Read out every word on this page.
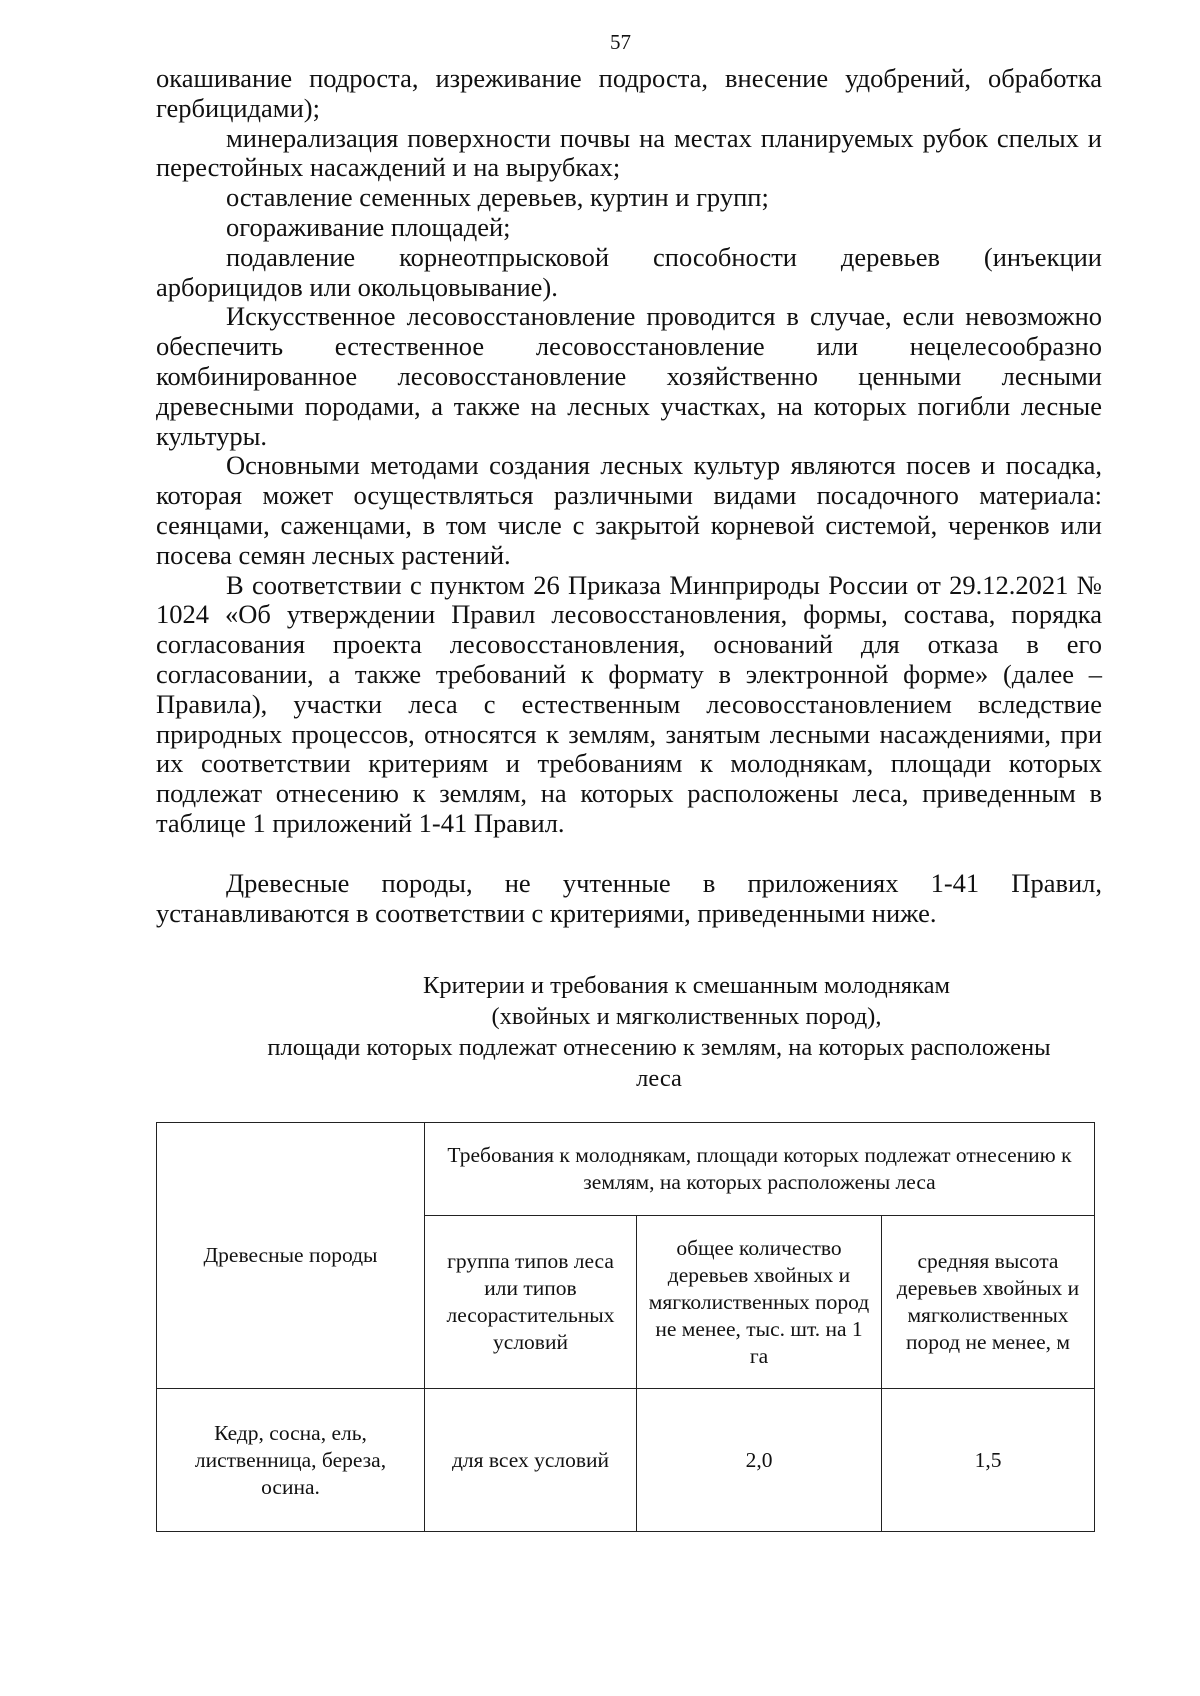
57

окашивание подроста, изреживание подроста, внесение удобрений, обработка гербицидами);

минерализация поверхности почвы на местах планируемых рубок спелых и перестойных насаждений и на вырубках;

оставление семенных деревьев, куртин и групп;

огораживание площадей;

подавление корнеотпрысковой способности деревьев (инъекции арборицидов или окольцовывание).

Искусственное лесовосстановление проводится в случае, если невозможно обеспечить естественное лесовосстановление или нецелесообразно комбинированное лесовосстановление хозяйственно ценными лесными древесными породами, а также на лесных участках, на которых погибли лесные культуры.

Основными методами создания лесных культур являются посев и посадка, которая может осуществляться различными видами посадочного материала: сеянцами, саженцами, в том числе с закрытой корневой системой, черенков или посева семян лесных растений.

В соответствии с пунктом 26 Приказа Минприроды России от 29.12.2021 № 1024 «Об утверждении Правил лесовосстановления, формы, состава, порядка согласования проекта лесовосстановления, оснований для отказа в его согласовании, а также требований к формату в электронной форме» (далее – Правила), участки леса с естественным лесовосстановлением вследствие природных процессов, относятся к землям, занятым лесными насаждениями, при их соответствии критериям и требованиям к молоднякам, площади которых подлежат отнесению к землям, на которых расположены леса, приведенным в таблице 1 приложений 1-41 Правил.

Древесные породы, не учтенные в приложениях 1-41 Правил, устанавливаются в соответствии с критериями, приведенными ниже.

Критерии и требования к смешанным молоднякам
(хвойных и мягколиственных пород),
площади которых подлежат отнесению к землям, на которых расположены
леса
Древесные породы	Требования к молоднякам, площади которых подлежат отнесению к землям, на которых расположены леса		
	группа типов леса или типов лесорастительных условий	общее количество деревьев хвойных и мягколиственных пород не менее, тыс. шт. на 1 га	средняя высота деревьев хвойных и мягколиственных пород не менее, м
Кедр, сосна, ель, лиственница, береза, осина.	для всех условий	2,0	1,5
